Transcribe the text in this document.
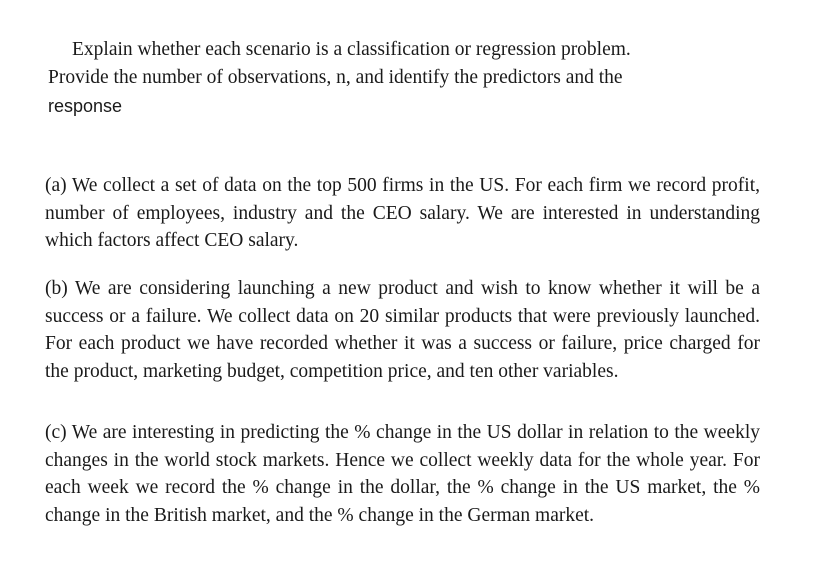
Explain whether each scenario is a classification or regression problem. Provide the number of observations, n, and identify the predictors and the response

(a) We collect a set of data on the top 500 firms in the US. For each firm we record profit, number of employees, industry and the CEO salary. We are interested in understanding which factors affect CEO salary.

(b) We are considering launching a new product and wish to know whether it will be a success or a failure. We collect data on 20 similar products that were previously launched. For each product we have recorded whether it was a success or failure, price charged for the product, marketing budget, competition price, and ten other variables.

(c) We are interesting in predicting the % change in the US dollar in relation to the weekly changes in the world stock markets. Hence we collect weekly data for the whole year. For each week we record the % change in the dollar, the % change in the US market, the % change in the British market, and the % change in the German market.
